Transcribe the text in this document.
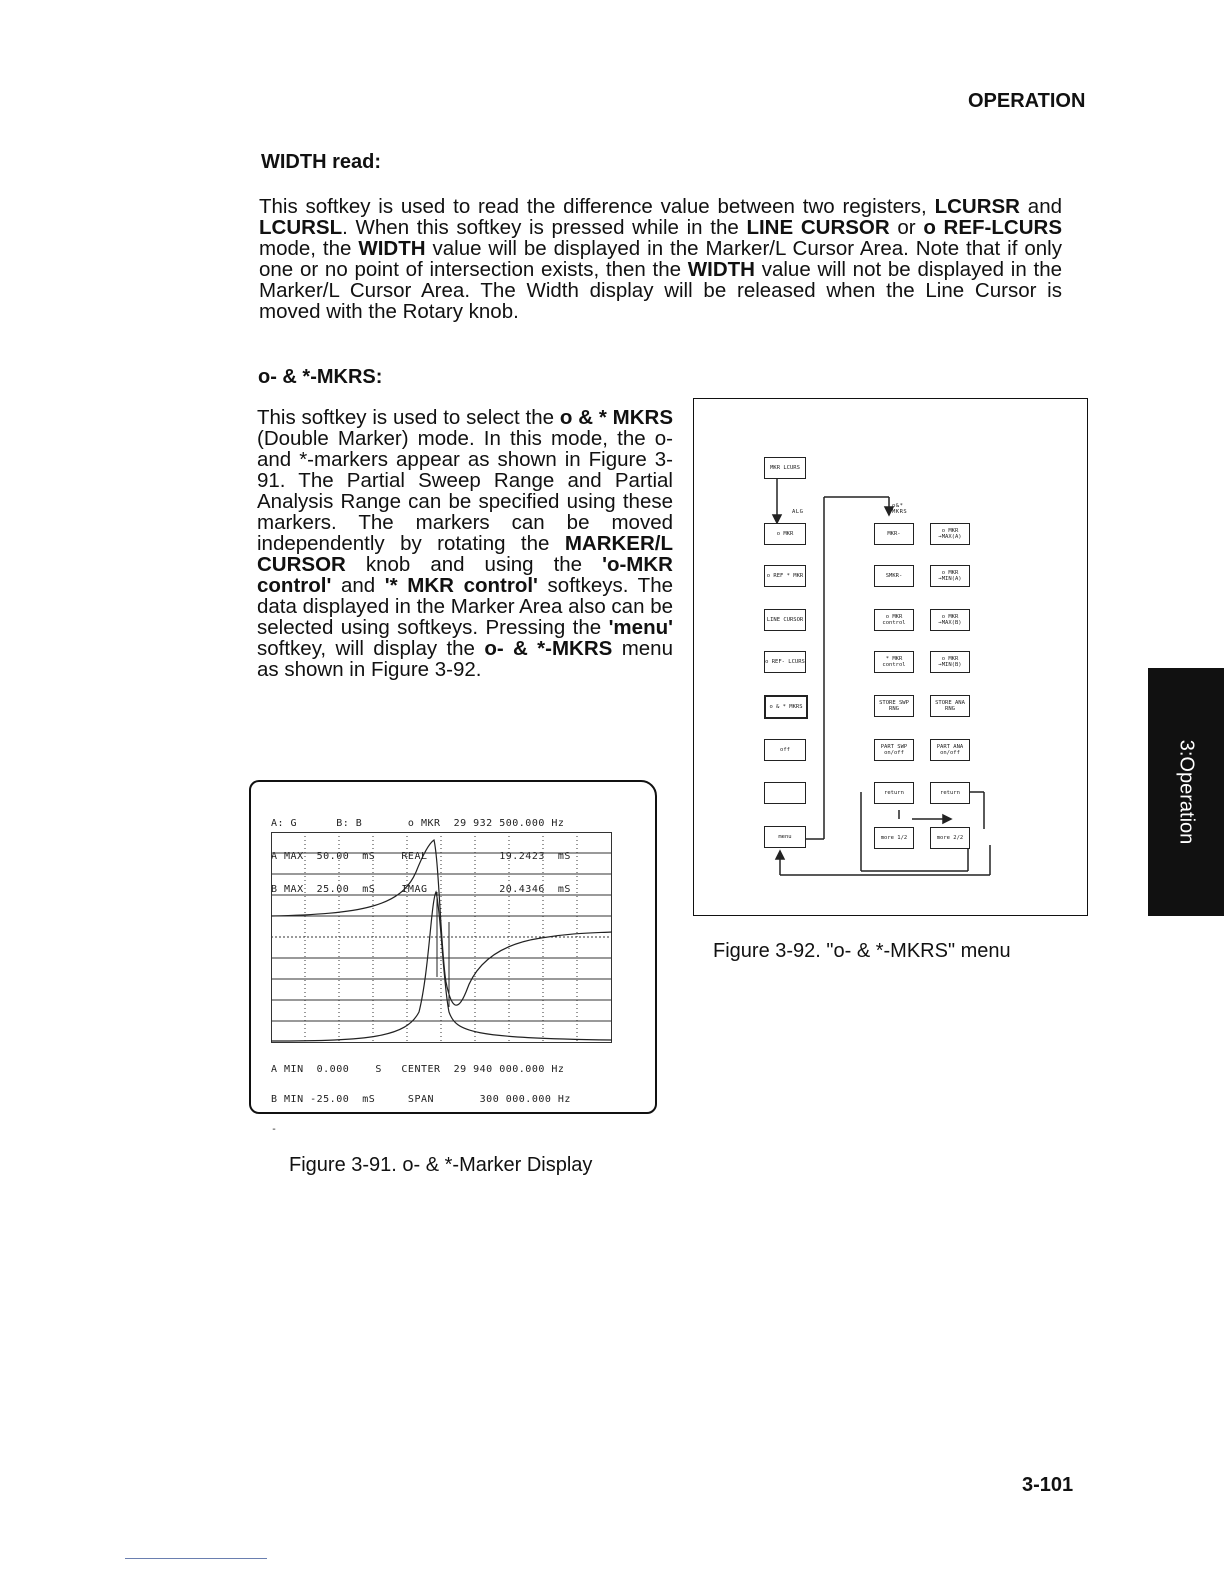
OPERATION
WIDTH read:
This softkey is used to read the difference value between two registers, LCURSR and LCURSL. When this softkey is pressed while in the LINE CURSOR or o REF-LCURS mode, the WIDTH value will be displayed in the Marker/L Cursor Area. Note that if only one or no point of intersection exists, then the WIDTH value will not be displayed in the Marker/L Cursor Area. The Width display will be released when the Line Cursor is moved with the Rotary knob.
o- & *-MKRS:
This softkey is used to select the o & * MKRS (Double Marker) mode. In this mode, the o- and *-markers appear as shown in Figure 3-91. The Partial Sweep Range and Partial Analysis Range can be specified using these markers. The markers can be moved independently by rotating the MARKER/L CURSOR knob and using the 'o-MKR control' and '* MKR control' softkeys. The data displayed in the Marker Area also can be selected using softkeys. Pressing the 'menu' softkey, will display the o- & *-MKRS menu as shown in Figure 3-92.

A: G      B: B       o MKR  29 932 500.000 Hz

A MAX  50.00  mS    REAL           19.2423  mS

B MAX  25.00  mS    IMAG           20.4346  mS

A MIN  0.000    S   CENTER  29 940 000.000 Hz

B MIN -25.00  mS     SPAN       300 000.000 Hz

-

Figure 3-91. o- & *-Marker Display
ALG
o&* MKRS
MKR LCURS
o MKR
o REF * MKR
LINE CURSOR
o REF- LCURS
o & * MKRS
off
menu
MKR-
SMKR-
o MKR control
* MKR control
STORE SWP RNG
PART SWP on/off
return
more 1/2
o MKR →MAX(A)
o MKR →MIN(A)
o MKR →MAX(B)
o MKR →MIN(B)
STORE ANA RNG
PART ANA on/off
return
more 2/2
Figure 3-92. "o- & *-MKRS" menu
3:Operation
3-101
